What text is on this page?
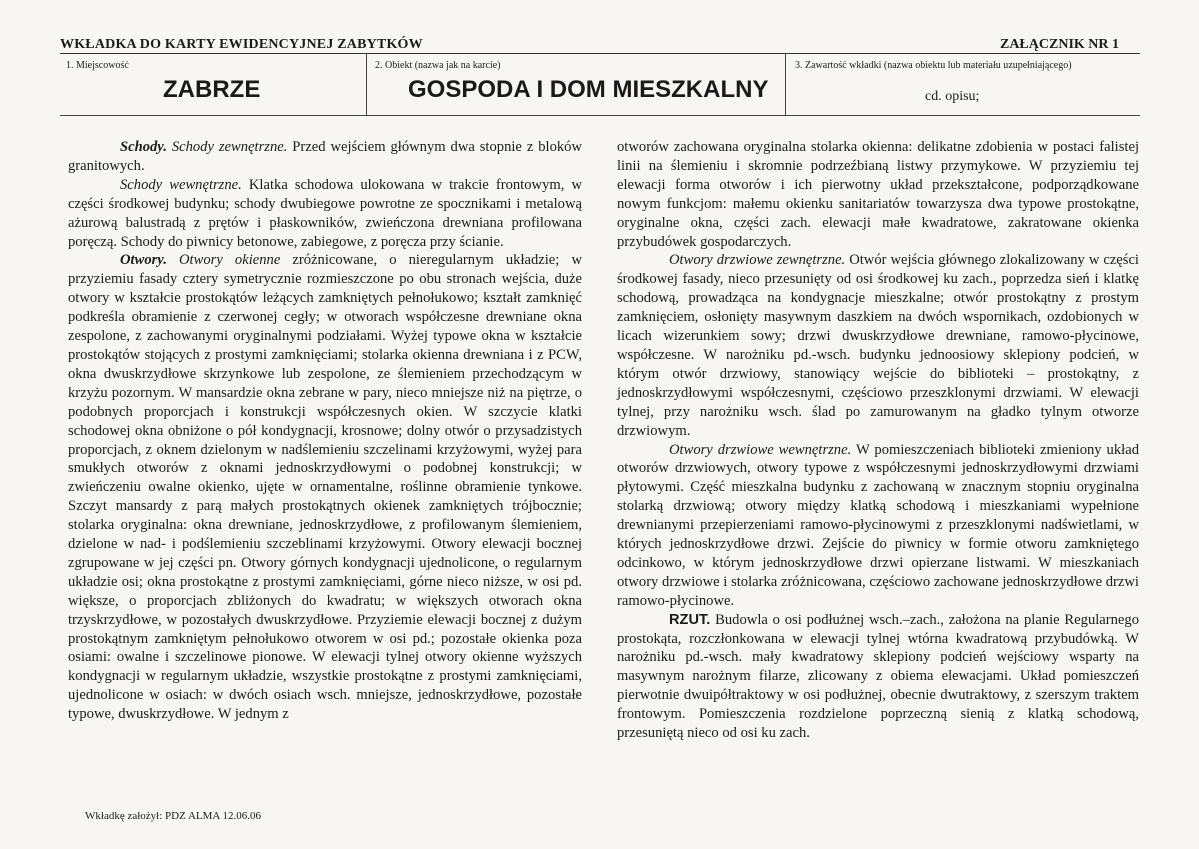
WKŁADKA DO KARTY EWIDENCYJNEJ ZABYTKÓW	ZAŁĄCZNIK NR 1
1. Miejscowość
ZABRZE
2. Obiekt (nazwa jak na karcie)
GOSPODA I DOM MIESZKALNY
3. Zawartość wkładki (nazwa obiektu lub materiału uzupełniającego)
cd. opisu;

Schody. Schody zewnętrzne. Przed wejściem głównym dwa stopnie z bloków granitowych.

Schody wewnętrzne. Klatka schodowa ulokowana w trakcie frontowym, w części środkowej budynku; schody dwubiegowe powrotne ze spocznikami i metalową ażurową balustradą z prętów i płaskowników, zwieńczona drewniana profilowana poręczą. Schody do piwnicy betonowe, zabiegowe, z poręcza przy ścianie.

Otwory. Otwory okienne zróżnicowane, o nieregularnym układzie; w przyziemiu fasady cztery symetrycznie rozmieszczone po obu stronach wejścia, duże otwory w kształcie prostokątów leżących zamkniętych pełnołukowo; kształt zamknięć podkreśla obramienie z czerwonej cegły; w otworach współczesne drewniane okna zespolone, z zachowanymi oryginalnymi podziałami. Wyżej typowe okna w kształcie prostokątów stojących z prostymi zamknięciami; stolarka okienna drewniana i z PCW, okna dwuskrzydłowe skrzynkowe lub zespolone, ze ślemieniem przechodzącym w krzyżu pozornym. W mansardzie okna zebrane w pary, nieco mniejsze niż na piętrze, o podobnych proporcjach i konstrukcji współczesnych okien. W szczycie klatki schodowej okna obniżone o pół kondygnacji, krosnowe; dolny otwór o przysadzistych proporcjach, z oknem dzielonym w nadślemieniu szczelinami krzyżowymi, wyżej para smukłych otworów z oknami jednoskrzydłowymi o podobnej konstrukcji; w zwieńczeniu owalne okienko, ujęte w ornamentalne, roślinne obramienie tynkowe. Szczyt mansardy z parą małych prostokątnych okienek zamkniętych trójbocznie; stolarka oryginalna: okna drewniane, jednoskrzydłowe, z profilowanym ślemieniem, dzielone w nad- i podślemieniu szczeblinami krzyżowymi. Otwory elewacji bocznej zgrupowane w jej części pn. Otwory górnych kondygnacji ujednolicone, o regularnym układzie osi; okna prostokątne z prostymi zamknięciami, górne nieco niższe, w osi pd. większe, o proporcjach zbliżonych do kwadratu; w większych otworach okna trzyskrzydłowe, w pozostałych dwuskrzydłowe. Przyziemie elewacji bocznej z dużym prostokątnym zamkniętym pełnołukowo otworem w osi pd.; pozostałe okienka poza osiami: owalne i szczelinowe pionowe. W elewacji tylnej otwory okienne wyższych kondygnacji w regularnym układzie, wszystkie prostokątne z prostymi zamknięciami, ujednolicone w osiach: w dwóch osiach wsch. mniejsze, jednoskrzydłowe, pozostałe typowe, dwuskrzydłowe. W jednym z

otworów zachowana oryginalna stolarka okienna: delikatne zdobienia w postaci falistej linii na ślemieniu i skromnie podrzeźbianą listwy przymykowe. W przyziemiu tej elewacji forma otworów i ich pierwotny układ przekształcone, podporządkowane nowym funkcjom: małemu okienku sanitariatów towarzysza dwa typowe prostokątne, oryginalne okna, części zach. elewacji małe kwadratowe, zakratowane okienka przybudówek gospodarczych.

Otwory drzwiowe zewnętrzne. Otwór wejścia głównego zlokalizowany w części środkowej fasady, nieco przesunięty od osi środkowej ku zach., poprzedza sień i klatkę schodową, prowadząca na kondygnacje mieszkalne; otwór prostokątny z prostym zamknięciem, osłonięty masywnym daszkiem na dwóch wspornikach, ozdobionych w licach wizerunkiem sowy; drzwi dwuskrzydłowe drewniane, ramowo-płycinowe, współczesne. W narożniku pd.-wsch. budynku jednoosiowy sklepiony podcień, w którym otwór drzwiowy, stanowiący wejście do biblioteki – prostokątny, z jednoskrzydłowymi współczesnymi, częściowo przeszklonymi drzwiami. W elewacji tylnej, przy narożniku wsch. ślad po zamurowanym na gładko tylnym otworze drzwiowym.

Otwory drzwiowe wewnętrzne. W pomieszczeniach biblioteki zmieniony układ otworów drzwiowych, otwory typowe z współczesnymi jednoskrzydłowymi drzwiami płytowymi. Część mieszkalna budynku z zachowaną w znacznym stopniu oryginalna stolarką drzwiową; otwory między klatką schodową i mieszkaniami wypełnione drewnianymi przepierzeniami ramowo-płycinowymi z przeszklonymi nadświetlami, w których jednoskrzydłowe drzwi. Zejście do piwnicy w formie otworu zamkniętego odcinkowo, w którym jednoskrzydłowe drzwi opierzane listwami. W mieszkaniach otwory drzwiowe i stolarka zróżnicowana, częściowo zachowane jednoskrzydłowe drzwi ramowo-płycinowe.

RZUT. Budowla o osi podłużnej wsch.–zach., założona na planie Regularnego prostokąta, rozczłonkowana w elewacji tylnej wtórna kwadratową przybudówką. W narożniku pd.-wsch. mały kwadratowy sklepiony podcień wejściowy wsparty na masywnym narożnym filarze, zlicowany z obiema elewacjami. Układ pomieszczeń pierwotnie dwuipółtraktowy w osi podłużnej, obecnie dwutraktowy, z szerszym traktem frontowym. Pomieszczenia rozdzielone poprzeczną sienią z klatką schodową, przesuniętą nieco od osi ku zach.

Wkładkę założył: PDZ ALMA 12.06.06
